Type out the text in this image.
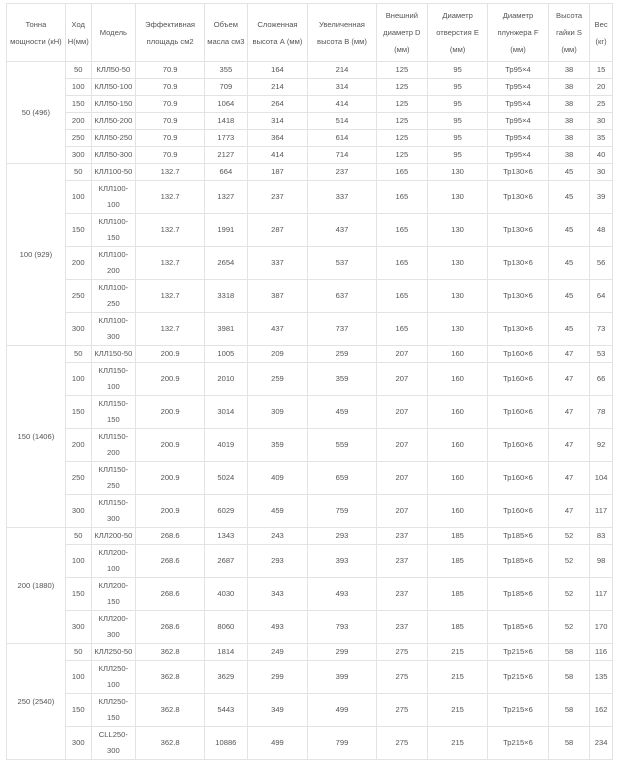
Тонна мощности (кН)	Ход Н(мм)	Модель	Эффективная площадь см2	Объем масла см3	Сложенная высота А (мм)	Увеличенная высота В (мм)	Внешний диаметр D (мм)	Диаметр отверстия Е (мм)	Диаметр плунжера F (мм)	Высота гайки S (мм)	Вес (кг)
50 (496)	50	КЛЛ50-50	70.9	355	164	214	125	95	Тр95×4	38	15
	100	КЛЛ50-100	70.9	709	214	314	125	95	Тр95×4	38	20
	150	КЛЛ50-150	70.9	1064	264	414	125	95	Тр95×4	38	25
	200	КЛЛ50-200	70.9	1418	314	514	125	95	Тр95×4	38	30
	250	КЛЛ50-250	70.9	1773	364	614	125	95	Тр95×4	38	35
	300	КЛЛ50-300	70.9	2127	414	714	125	95	Тр95×4	38	40
100 (929)	50	КЛЛ100-50	132.7	664	187	237	165	130	Тр130×6	45	30
	100	КЛЛ100-100	132.7	1327	237	337	165	130	Тр130×6	45	39
	150	КЛЛ100-150	132.7	1991	287	437	165	130	Тр130×6	45	48
	200	КЛЛ100-200	132.7	2654	337	537	165	130	Тр130×6	45	56
	250	КЛЛ100-250	132.7	3318	387	637	165	130	Тр130×6	45	64
	300	КЛЛ100-300	132.7	3981	437	737	165	130	Тр130×6	45	73
150 (1406)	50	КЛЛ150-50	200.9	1005	209	259	207	160	Тр160×6	47	53
	100	КЛЛ150-100	200.9	2010	259	359	207	160	Тр160×6	47	66
	150	КЛЛ150-150	200.9	3014	309	459	207	160	Тр160×6	47	78
	200	КЛЛ150-200	200.9	4019	359	559	207	160	Тр160×6	47	92
	250	КЛЛ150-250	200.9	5024	409	659	207	160	Тр160×6	47	104
	300	КЛЛ150-300	200.9	6029	459	759	207	160	Тр160×6	47	117
200 (1880)	50	КЛЛ200-50	268.6	1343	243	293	237	185	Тр185×6	52	83
	100	КЛЛ200-100	268.6	2687	293	393	237	185	Тр185×6	52	98
	150	КЛЛ200-150	268.6	4030	343	493	237	185	Тр185×6	52	117
	300	КЛЛ200-300	268.6	8060	493	793	237	185	Тр185×6	52	170
250 (2540)	50	КЛЛ250-50	362.8	1814	249	299	275	215	Тр215×6	58	116
	100	КЛЛ250-100	362.8	3629	299	399	275	215	Тр215×6	58	135
	150	КЛЛ250-150	362.8	5443	349	499	275	215	Тр215×6	58	162
	300	CLL250-300	362.8	10886	499	799	275	215	Тр215×6	58	234
